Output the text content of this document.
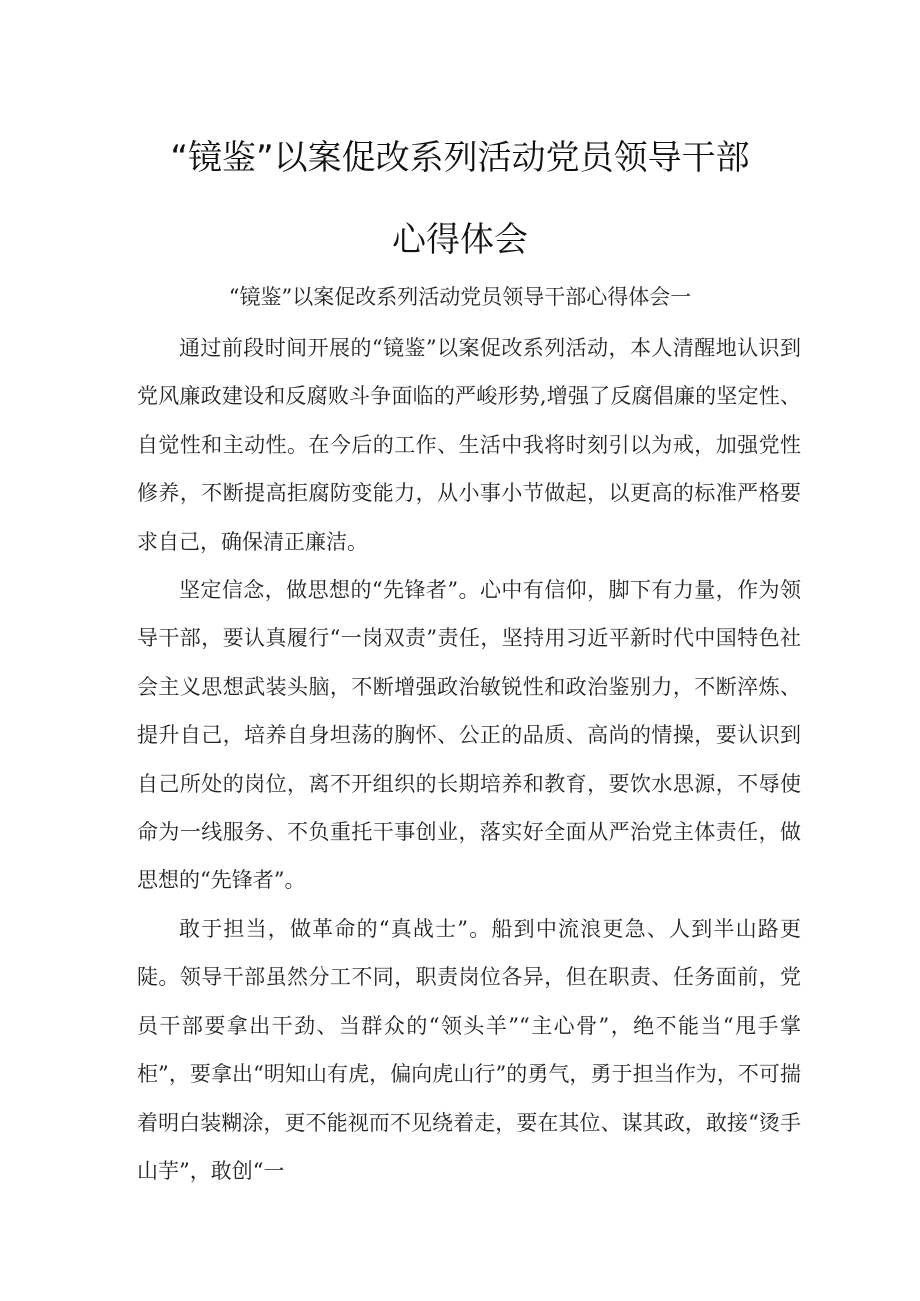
“镜鉴”以案促改系列活动党员领导干部
心得体会
“镜鉴”以案促改系列活动党员领导干部心得体会一

通过前段时间开展的“镜鉴”以案促改系列活动，本人清醒地认识到党风廉政建设和反腐败斗争面临的严峻形势,增强了反腐倡廉的坚定性、自觉性和主动性。在今后的工作、生活中我将时刻引以为戒，加强党性修养，不断提高拒腐防变能力，从小事小节做起，以更高的标准严格要求自己，确保清正廉洁。

坚定信念，做思想的“先锋者”。心中有信仰，脚下有力量，作为领导干部，要认真履行“一岗双责”责任，坚持用习近平新时代中国特色社会主义思想武装头脑，不断增强政治敏锐性和政治鉴别力，不断淬炼、提升自己，培养自身坦荡的胸怀、公正的品质、高尚的情操，要认识到自己所处的岗位，离不开组织的长期培养和教育，要饮水思源，不辱使命为一线服务、不负重托干事创业，落实好全面从严治党主体责任，做思想的“先锋者”。

敢于担当，做革命的“真战士”。船到中流浪更急、人到半山路更陡。领导干部虽然分工不同，职责岗位各异，但在职责、任务面前，党员干部要拿出干劲、当群众的“领头羊”“主心骨”，绝不能当“甩手掌柜”，要拿出“明知山有虎，偏向虎山行”的勇气，勇于担当作为，不可揣着明白装糊涂，更不能视而不见绕着走，要在其位、谋其政，敢接“烫手山芋”，敢创“一
